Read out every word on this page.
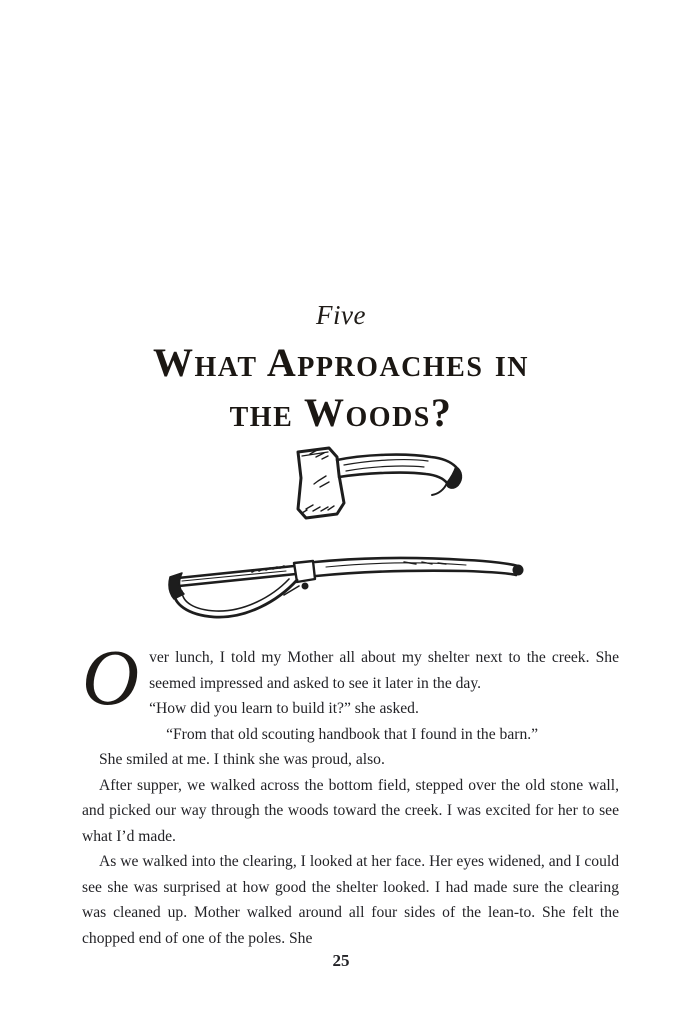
Five
What Approaches in
the Woods?

Over lunch, I told my Mother all about my shelter next to the creek. She seemed impressed and asked to see it later in the day.

“How did you learn to build it?” she asked.

“From that old scouting handbook that I found in the barn.”

She smiled at me. I think she was proud, also.

After supper, we walked across the bottom field, stepped over the old stone wall, and picked our way through the woods toward the creek. I was excited for her to see what I’d made.

As we walked into the clearing, I looked at her face. Her eyes widened, and I could see she was surprised at how good the shelter looked. I had made sure the clearing was cleaned up. Mother walked around all four sides of the lean-to. She felt the chopped end of one of the poles. She

25
